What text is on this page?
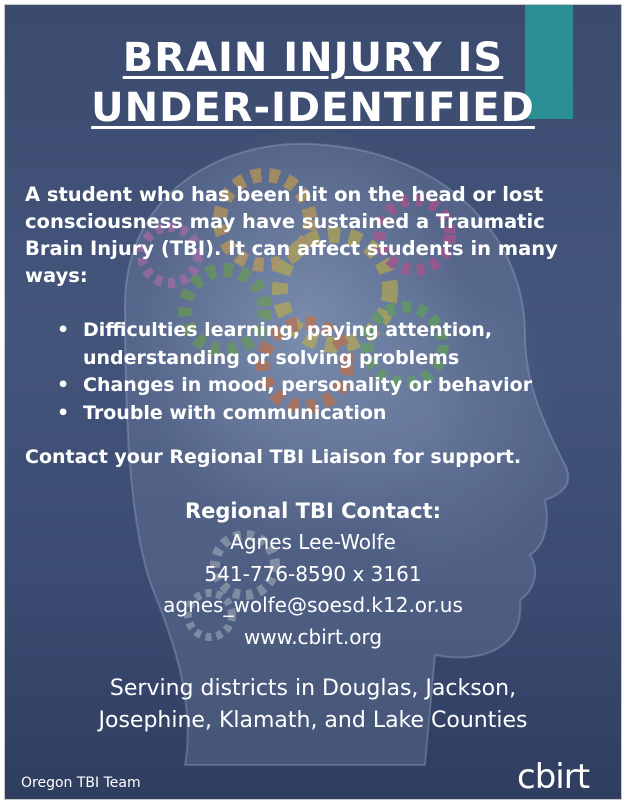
BRAIN INJURY IS
UNDER-IDENTIFIED
A student who has been hit on the head or lost consciousness may have sustained a Traumatic Brain Injury (TBI). It can affect students in many ways:
• Difficulties learning, paying attention, understanding or solving problems
• Changes in mood, personality or behavior
• Trouble with communication
Contact your Regional TBI Liaison for support.
Regional TBI Contact:
Agnes Lee-Wolfe
541-776-8590 x 3161
agnes_wolfe@soesd.k12.or.us
www.cbirt.org
Serving districts in Douglas, Jackson,
Josephine, Klamath, and Lake Counties
Oregon TBI Team	cbirt
